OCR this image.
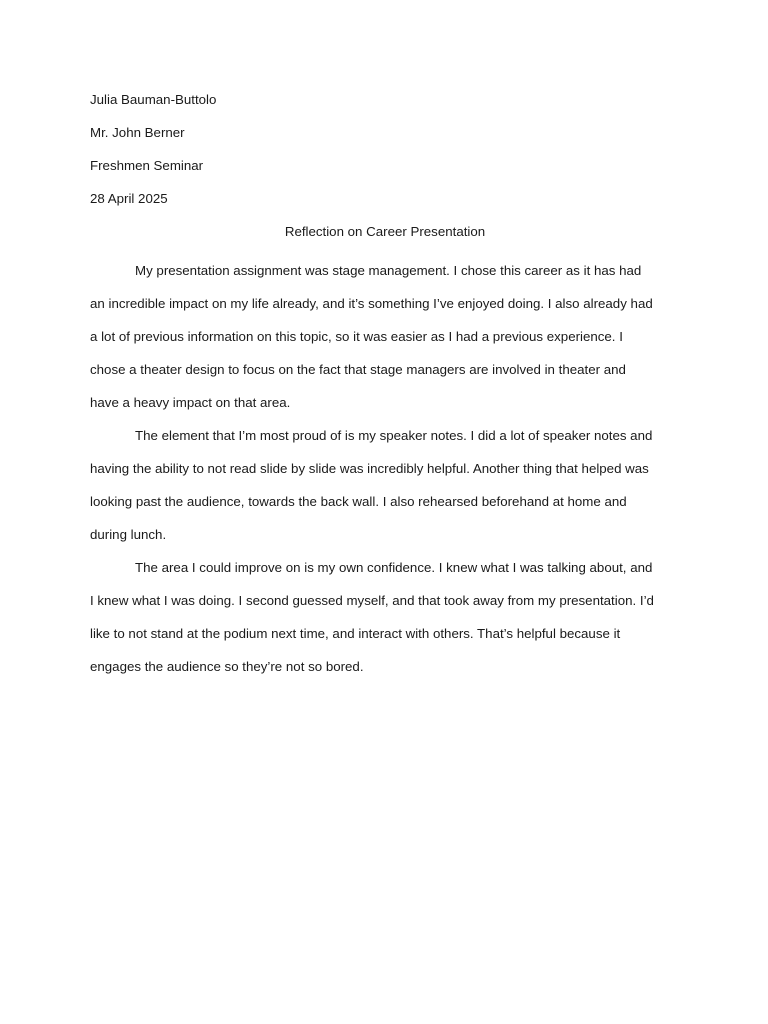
Julia Bauman-Buttolo

Mr. John Berner

Freshmen Seminar

28 April 2025

Reflection on Career Presentation

My presentation assignment was stage management. I chose this career as it has had
an incredible impact on my life already, and it’s something I’ve enjoyed doing. I also already had
a lot of previous information on this topic, so it was easier as I had a previous experience. I
chose a theater design to focus on the fact that stage managers are involved in theater and
have a heavy impact on that area.
The element that I’m most proud of is my speaker notes. I did a lot of speaker notes and
having the ability to not read slide by slide was incredibly helpful. Another thing that helped was
looking past the audience, towards the back wall. I also rehearsed beforehand at home and
during lunch.
The area I could improve on is my own confidence. I knew what I was talking about, and
I knew what I was doing. I second guessed myself, and that took away from my presentation. I’d
like to not stand at the podium next time, and interact with others. That’s helpful because it
engages the audience so they’re not so bored.
